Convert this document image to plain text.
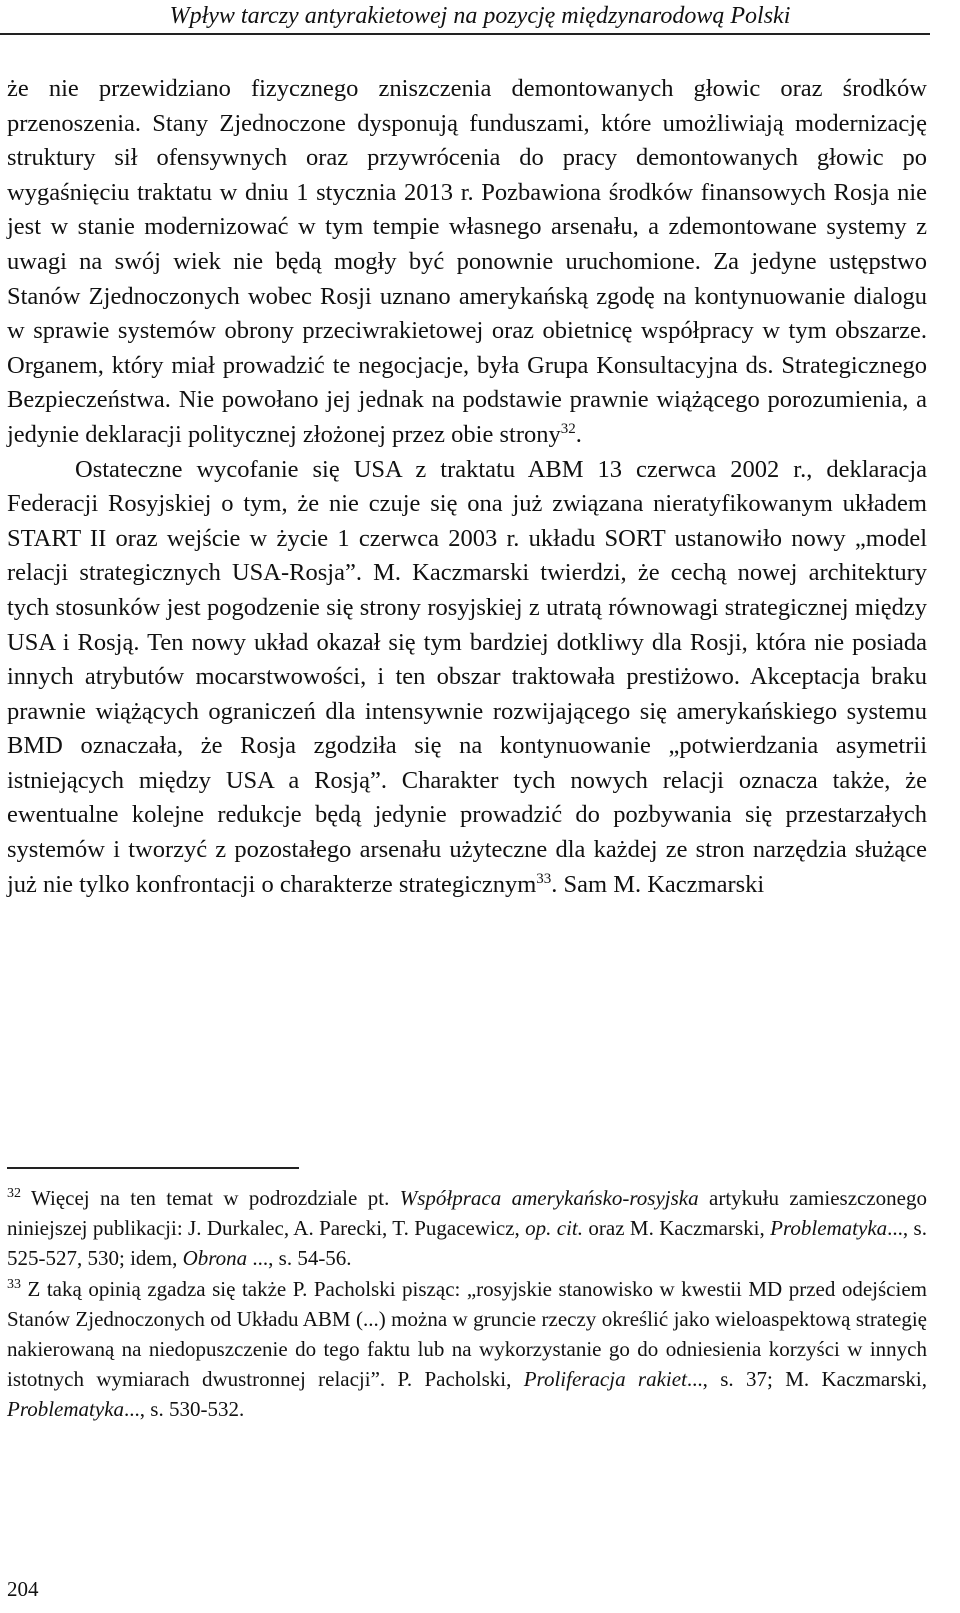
Wpływ tarczy antyrakietowej na pozycję międzynarodową Polski

że nie przewidziano fizycznego zniszczenia demontowanych głowic oraz środków przenoszenia. Stany Zjednoczone dysponują funduszami, które umożliwiają modernizację struktury sił ofensywnych oraz przywrócenia do pracy demontowanych głowic po wygaśnięciu traktatu w dniu 1 stycznia 2013 r. Pozbawiona środków finansowych Rosja nie jest w stanie modernizować w tym tempie własnego arsenału, a zdemontowane systemy z uwagi na swój wiek nie będą mogły być ponownie uruchomione. Za jedyne ustępstwo Stanów Zjednoczonych wobec Rosji uznano amerykańską zgodę na kontynuowanie dialogu w sprawie systemów obrony przeciwrakietowej oraz obietnicę współpracy w tym obszarze. Organem, który miał prowadzić te negocjacje, była Grupa Konsultacyjna ds. Strategicznego Bezpieczeństwa. Nie powołano jej jednak na podstawie prawnie wiążącego porozumienia, a jedynie deklaracji politycznej złożonej przez obie strony$^{32}$.

Ostateczne wycofanie się USA z traktatu ABM 13 czerwca 2002 r., deklaracja Federacji Rosyjskiej o tym, że nie czuje się ona już związana nieratyfikowanym układem START II oraz wejście w życie 1 czerwca 2003 r. układu SORT ustanowiło nowy „model relacji strategicznych USA-Rosja”. M. Kaczmarski twierdzi, że cechą nowej architektury tych stosunków jest pogodzenie się strony rosyjskiej z utratą równowagi strategicznej między USA i Rosją. Ten nowy układ okazał się tym bardziej dotkliwy dla Rosji, która nie posiada innych atrybutów mocarstwowości, i ten obszar traktowała prestiżowo. Akceptacja braku prawnie wiążących ograniczeń dla intensywnie rozwijającego się amerykańskiego systemu BMD oznaczała, że Rosja zgodziła się na kontynuowanie „potwierdzania asymetrii istniejących między USA a Rosją”. Charakter tych nowych relacji oznacza także, że ewentualne kolejne redukcje będą jedynie prowadzić do pozbywania się przestarzałych systemów i tworzyć z pozostałego arsenału użyteczne dla każdej ze stron narzędzia służące już nie tylko konfrontacji o charakterze strategicznym$^{33}$. Sam M. Kaczmarski

$^{32}$ Więcej na ten temat w podrozdziale pt. Współpraca amerykańsko-rosyjska artykułu zamieszczonego niniejszej publikacji: J. Durkalec, A. Parecki, T. Pugacewicz, op. cit. oraz M. Kaczmarski, Problematyka..., s. 525-527, 530; idem, Obrona ..., s. 54-56.

$^{33}$ Z taką opinią zgadza się także P. Pacholski pisząc: „rosyjskie stanowisko w kwestii MD przed odejściem Stanów Zjednoczonych od Układu ABM (...) można w gruncie rzeczy określić jako wieloaspektową strategię nakierowaną na niedopuszczenie do tego faktu lub na wykorzystanie go do odniesienia korzyści w innych istotnych wymiarach dwustronnej relacji”. P. Pacholski, Proliferacja rakiet..., s. 37; M. Kaczmarski, Problematyka..., s. 530-532.

204
